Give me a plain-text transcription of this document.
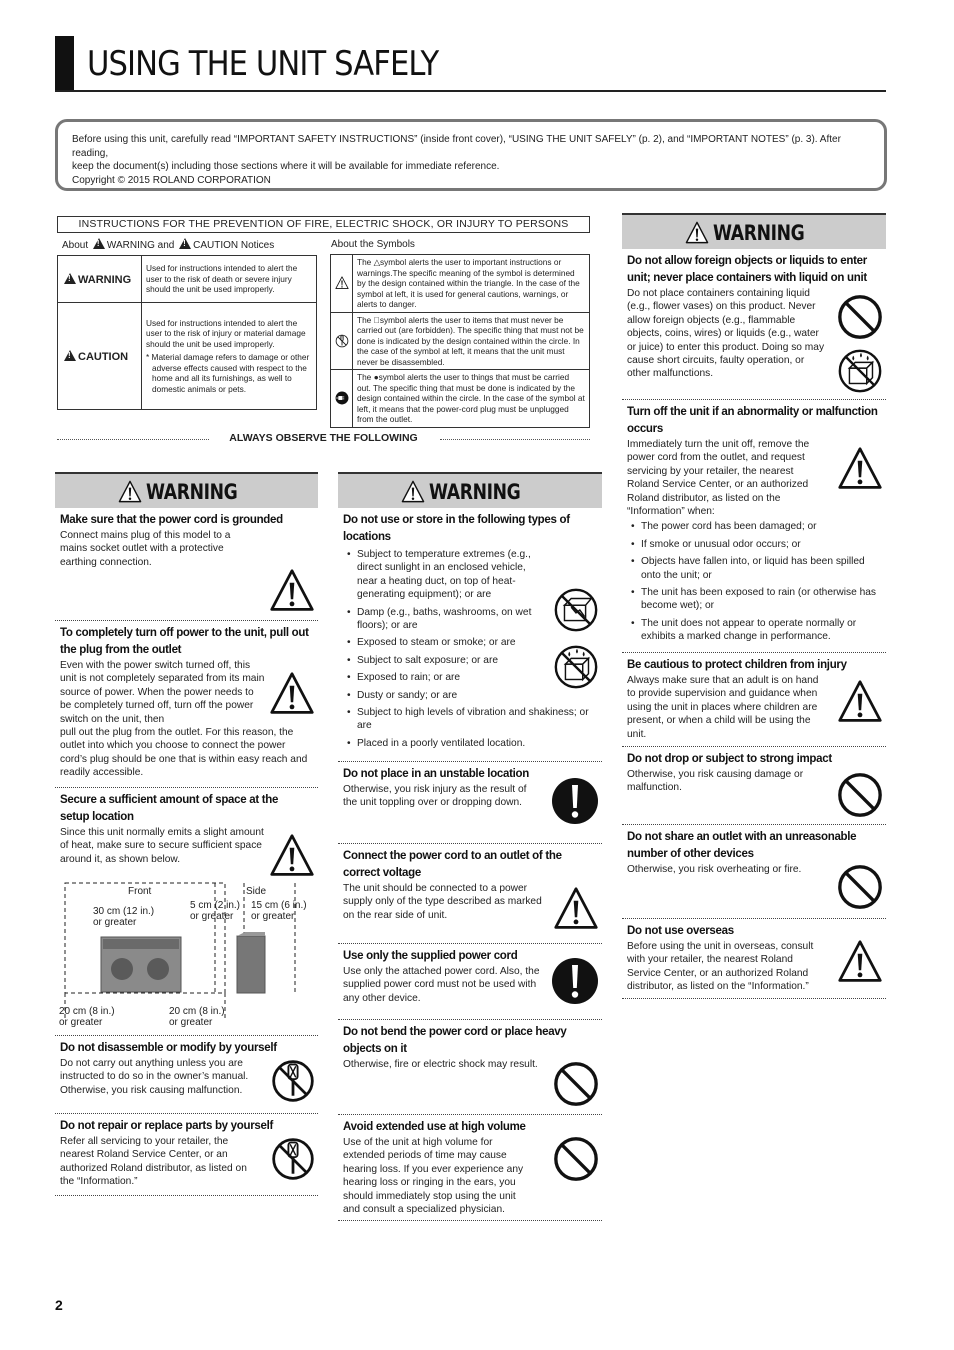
USING THE UNIT SAFELY

Before using this unit, carefully read “IMPORTANT SAFETY INSTRUCTIONS” (inside front cover), “USING THE UNIT SAFELY” (p. 2), and “IMPORTANT NOTES” (p. 3). After reading,

keep the document(s) including those sections where it will be available for immediate reference.

Copyright © 2015 ROLAND CORPORATION

INSTRUCTIONS FOR THE PREVENTION OF FIRE, ELECTRIC SHOCK, OR INJURY TO PERSONS
About ! WARNING and ! CAUTION Notices	About the Symbols
!WARNING	Used for instructions intended to alert the user to the risk of death or severe injury should the unit be used improperly.
!CAUTION	Used for instructions intended to alert the user to the risk of injury or material damage should the unit be used improperly.
* Material damage refers to damage or other adverse effects caused with respect to the home and all its furnishings, as well to domestic animals or pets.
	The △symbol alerts the user to important instructions or warnings.The specific meaning of the symbol is determined by the design contained within the triangle. In the case of the symbol at left, it is used for general cautions, warnings, or alerts to danger.

	The ⃠symbol alerts the user to items that must never be carried out (are forbidden). The specific thing that must not be done is indicated by the design contained within the circle. In the case of the symbol at left, it means that the unit must never be disassembled.

	The ●symbol alerts the user to things that must be carried out. The specific thing that must be done is indicated by the design contained within the circle. In the case of the symbol at left, it means that the power-cord plug must be unplugged from the outlet.
ALWAYS OBSERVE THE FOLLOWING
WARNING
Make sure that the power cord is grounded
Connect mains plug of this model to a mains socket outlet with a protective earthing connection.
To completely turn off power to the unit, pull out the plug from the outlet
Even with the power switch turned off, this unit is not completely separated from its main source of power. When the power needs to be completely turned off, turn off the power switch on the unit, then
pull out the plug from the outlet. For this reason, the outlet into which you choose to connect the power cord’s plug should be one that is within easy reach and readily accessible.
Secure a sufficient amount of space at the setup location
Since this unit normally emits a slight amount of heat, make sure to secure sufficient space around it, as shown below.
Front	Side
30 cm (12 in.)
or greater
5 cm (2 in.)
or greater
15 cm (6 in.)
or greater
20 cm (8 in.)
or greater
20 cm (8 in.)
or greater
Do not disassemble or modify by yourself
Do not carry out anything unless you are instructed to do so in the owner’s manual. Otherwise, you risk causing malfunction.
Do not repair or replace parts by yourself
Refer all servicing to your retailer, the nearest Roland Service Center, or an authorized Roland distributor, as listed on the “Information.”
WARNING
Do not use or store in the following types of locations
• Subject to temperature extremes (e.g., direct sunlight in an enclosed vehicle, near a heating duct, on top of heat-generating equipment); or are
• Damp (e.g., baths, washrooms, on wet floors); or are
• Exposed to steam or smoke; or are
• Subject to salt exposure; or are
• Exposed to rain; or are
• Dusty or sandy; or are
• Subject to high levels of vibration and shakiness; or are
• Placed in a poorly ventilated location.
Do not place in an unstable location
Otherwise, you risk injury as the result of the unit toppling over or dropping down.
Connect the power cord to an outlet of the correct voltage
The unit should be connected to a power supply only of the type described as marked on the rear side of unit.
Use only the supplied power cord
Use only the attached power cord. Also, the supplied power cord must not be used with any other device.
Do not bend the power cord or place heavy objects on it
Otherwise, fire or electric shock may result.
Avoid extended use at high volume
Use of the unit at high volume for extended periods of time may cause hearing loss. If you ever experience any hearing loss or ringing in the ears, you should immediately stop using the unit and consult a specialized physician.
WARNING
Do not allow foreign objects or liquids to enter unit; never place containers with liquid on unit
Do not place containers containing liquid (e.g., flower vases) on this product. Never allow foreign objects (e.g., flammable objects, coins, wires) or liquids (e.g., water or juice) to enter this product. Doing so may cause short circuits, faulty operation, or other malfunctions.
Turn off the unit if an abnormality or malfunction occurs
Immediately turn the unit off, remove the power cord from the outlet, and request servicing by your retailer, the nearest Roland Service Center, or an authorized Roland distributor, as listed on the “Information” when:
• The power cord has been damaged; or
• If smoke or unusual odor occurs; or
• Objects have fallen into, or liquid has been spilled onto the unit; or
• The unit has been exposed to rain (or otherwise has become wet); or
• The unit does not appear to operate normally or exhibits a marked change in performance.
Be cautious to protect children from injury
Always make sure that an adult is on hand to provide supervision and guidance when using the unit in places where children are present, or when a child will be using the unit.
Do not drop or subject to strong impact
Otherwise, you risk causing damage or malfunction.
Do not share an outlet with an unreasonable number of other devices
Otherwise, you risk overheating or fire.
Do not use overseas
Before using the unit in overseas, consult with your retailer, the nearest Roland Service Center, or an authorized Roland distributor, as listed on the “Information.”
2
